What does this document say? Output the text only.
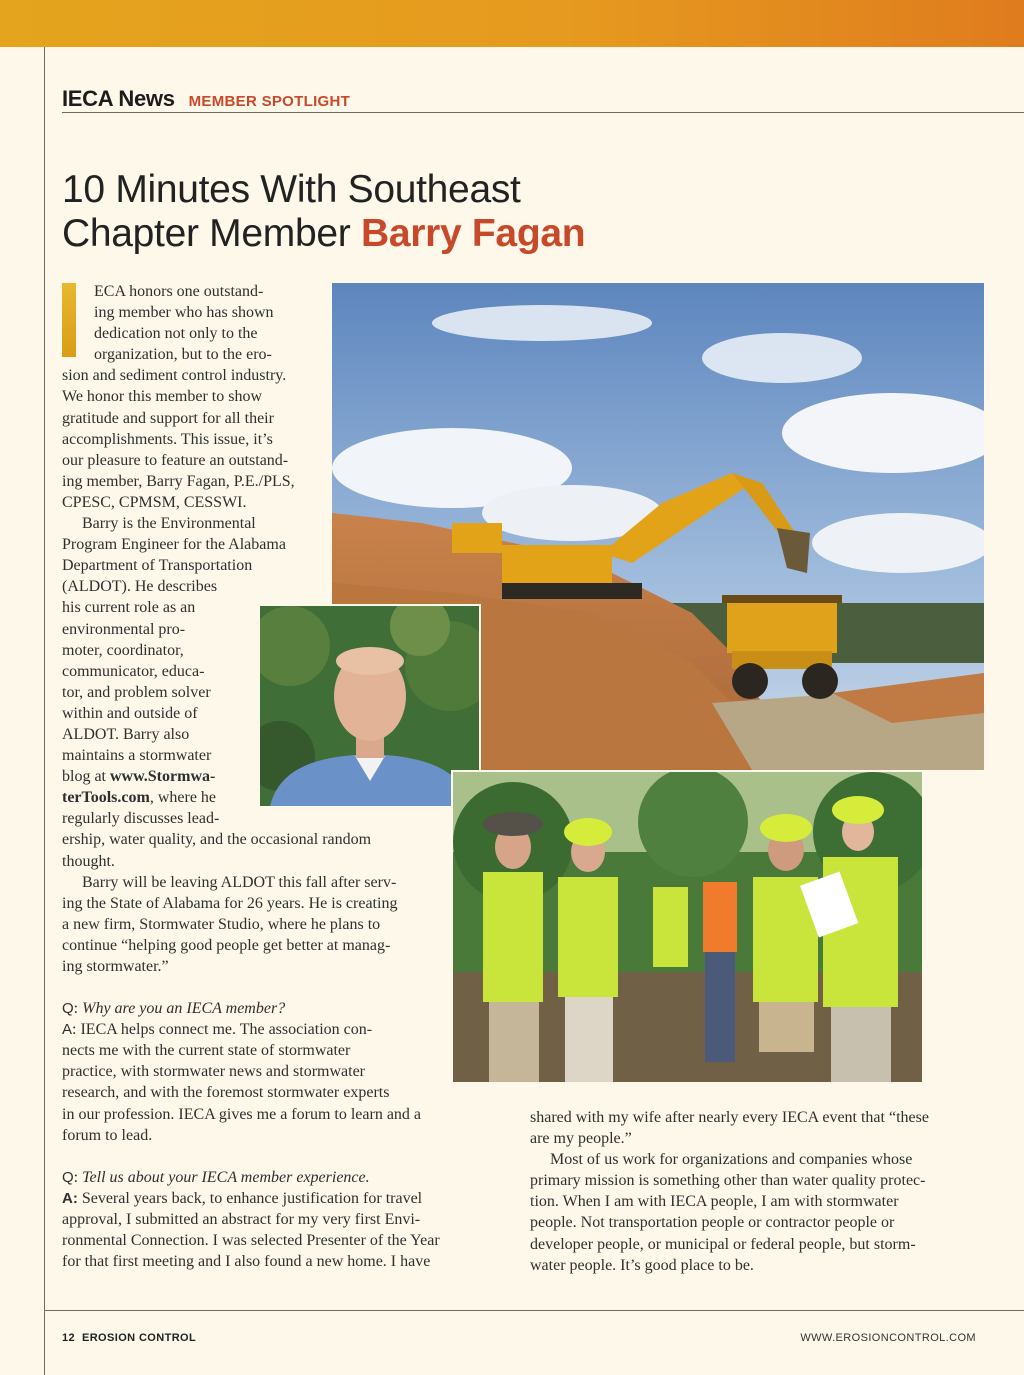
IECA News MEMBER SPOTLIGHT
10 Minutes With Southeast
Chapter Member Barry Fagan
ECA honors one outstand-
ing member who has shown
dedication not only to the
organization, but to the ero-
sion and sediment control industry.
We honor this member to show
gratitude and support for all their
accomplishments. This issue, it’s
our pleasure to feature an outstand-
ing member, Barry Fagan, P.E./PLS,
CPESC, CPMSM, CESSWI.
Barry is the Environmental
Program Engineer for the Alabama
Department of Transportation
(ALDOT). He describes
his current role as an
environmental pro-
moter, coordinator,
communicator, educa-
tor, and problem solver
within and outside of
ALDOT. Barry also
maintains a stormwater
blog at www.Stormwa-
terTools.com, where he
regularly discusses lead-
ership, water quality, and the occasional random
thought.
Barry will be leaving ALDOT this fall after serv-
ing the State of Alabama for 26 years. He is creating
a new firm, Stormwater Studio, where he plans to
continue “helping good people get better at manag-
ing stormwater.”
Q: Why are you an IECA member?
A: IECA helps connect me. The association con-
nects me with the current state of stormwater
practice, with stormwater news and stormwater
research, and with the foremost stormwater experts
in our profession. IECA gives me a forum to learn and a
forum to lead.
Q: Tell us about your IECA member experience.
A: Several years back, to enhance justification for travel
approval, I submitted an abstract for my very first Envi-
ronmental Connection. I was selected Presenter of the Year
for that first meeting and I also found a new home. I have
shared with my wife after nearly every IECA event that “these
are my people.”
Most of us work for organizations and companies whose
primary mission is something other than water quality protec-
tion. When I am with IECA people, I am with stormwater
people. Not transportation people or contractor people or
developer people, or municipal or federal people, but storm-
water people. It’s good place to be.
12 EROSION CONTROL	WWW.EROSIONCONTROL.COM
